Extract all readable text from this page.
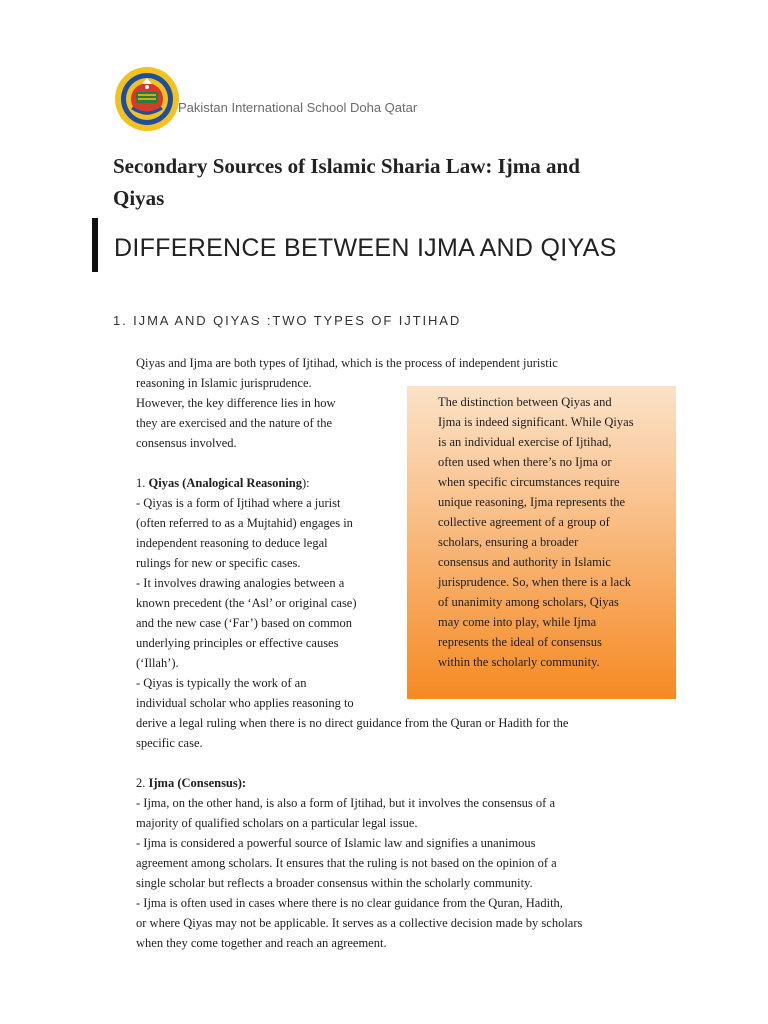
Pakistan International School Doha Qatar
Secondary Sources of Islamic Sharia Law: Ijma and
Qiyas
DIFFERENCE BETWEEN IJMA AND QIYAS
1. IJMA AND QIYAS :TWO TYPES OF IJTIHAD
Qiyas and Ijma are both types of Ijtihad, which is the process of independent juristic
reasoning in Islamic jurisprudence.
However, the key difference lies in how
they are exercised and the nature of the
consensus involved.
1. Qiyas (Analogical Reasoning):
- Qiyas is a form of Ijtihad where a jurist
(often referred to as a Mujtahid) engages in
independent reasoning to deduce legal
rulings for new or specific cases.
- It involves drawing analogies between a
known precedent (the ‘Asl’ or original case)
and the new case (‘Far’) based on common
underlying principles or effective causes
(‘Illah’).
- Qiyas is typically the work of an
individual scholar who applies reasoning to
derive a legal ruling when there is no direct guidance from the Quran or Hadith for the
specific case.
2. Ijma (Consensus):
- Ijma, on the other hand, is also a form of Ijtihad, but it involves the consensus of a
majority of qualified scholars on a particular legal issue.
- Ijma is considered a powerful source of Islamic law and signifies a unanimous
agreement among scholars. It ensures that the ruling is not based on the opinion of a
single scholar but reflects a broader consensus within the scholarly community.
- Ijma is often used in cases where there is no clear guidance from the Quran, Hadith,
or where Qiyas may not be applicable. It serves as a collective decision made by scholars
when they come together and reach an agreement.
The distinction between Qiyas and
Ijma is indeed significant. While Qiyas
is an individual exercise of Ijtihad,
often used when there’s no Ijma or
when specific circumstances require
unique reasoning, Ijma represents the
collective agreement of a group of
scholars, ensuring a broader
consensus and authority in Islamic
jurisprudence. So, when there is a lack
of unanimity among scholars, Qiyas
may come into play, while Ijma
represents the ideal of consensus
within the scholarly community.
